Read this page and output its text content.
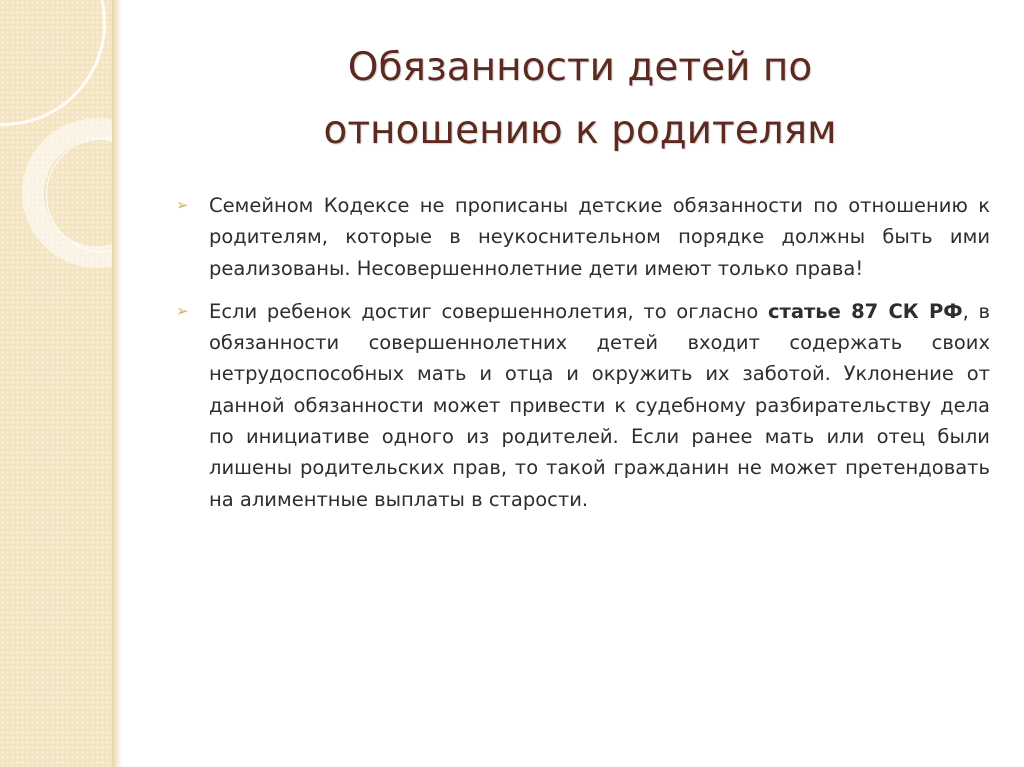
Обязанности детей по
отношению к родителям
➢ Семейном Кодексе не прописаны детские обязанности по отношению к родителям, которые в неукоснительном порядке должны быть ими реализованы. Несовершеннолетние дети имеют только права!
➢ Если ребенок достиг совершеннолетия, то огласно статье 87 СК РФ, в обязанности совершеннолетних детей входит содержать своих нетрудоспособных мать и отца и окружить их заботой. Уклонение от данной обязанности может привести к судебному разбирательству дела по инициативе одного из родителей. Если ранее мать или отец были лишены родительских прав, то такой гражданин не может претендовать на алиментные выплаты в старости.
